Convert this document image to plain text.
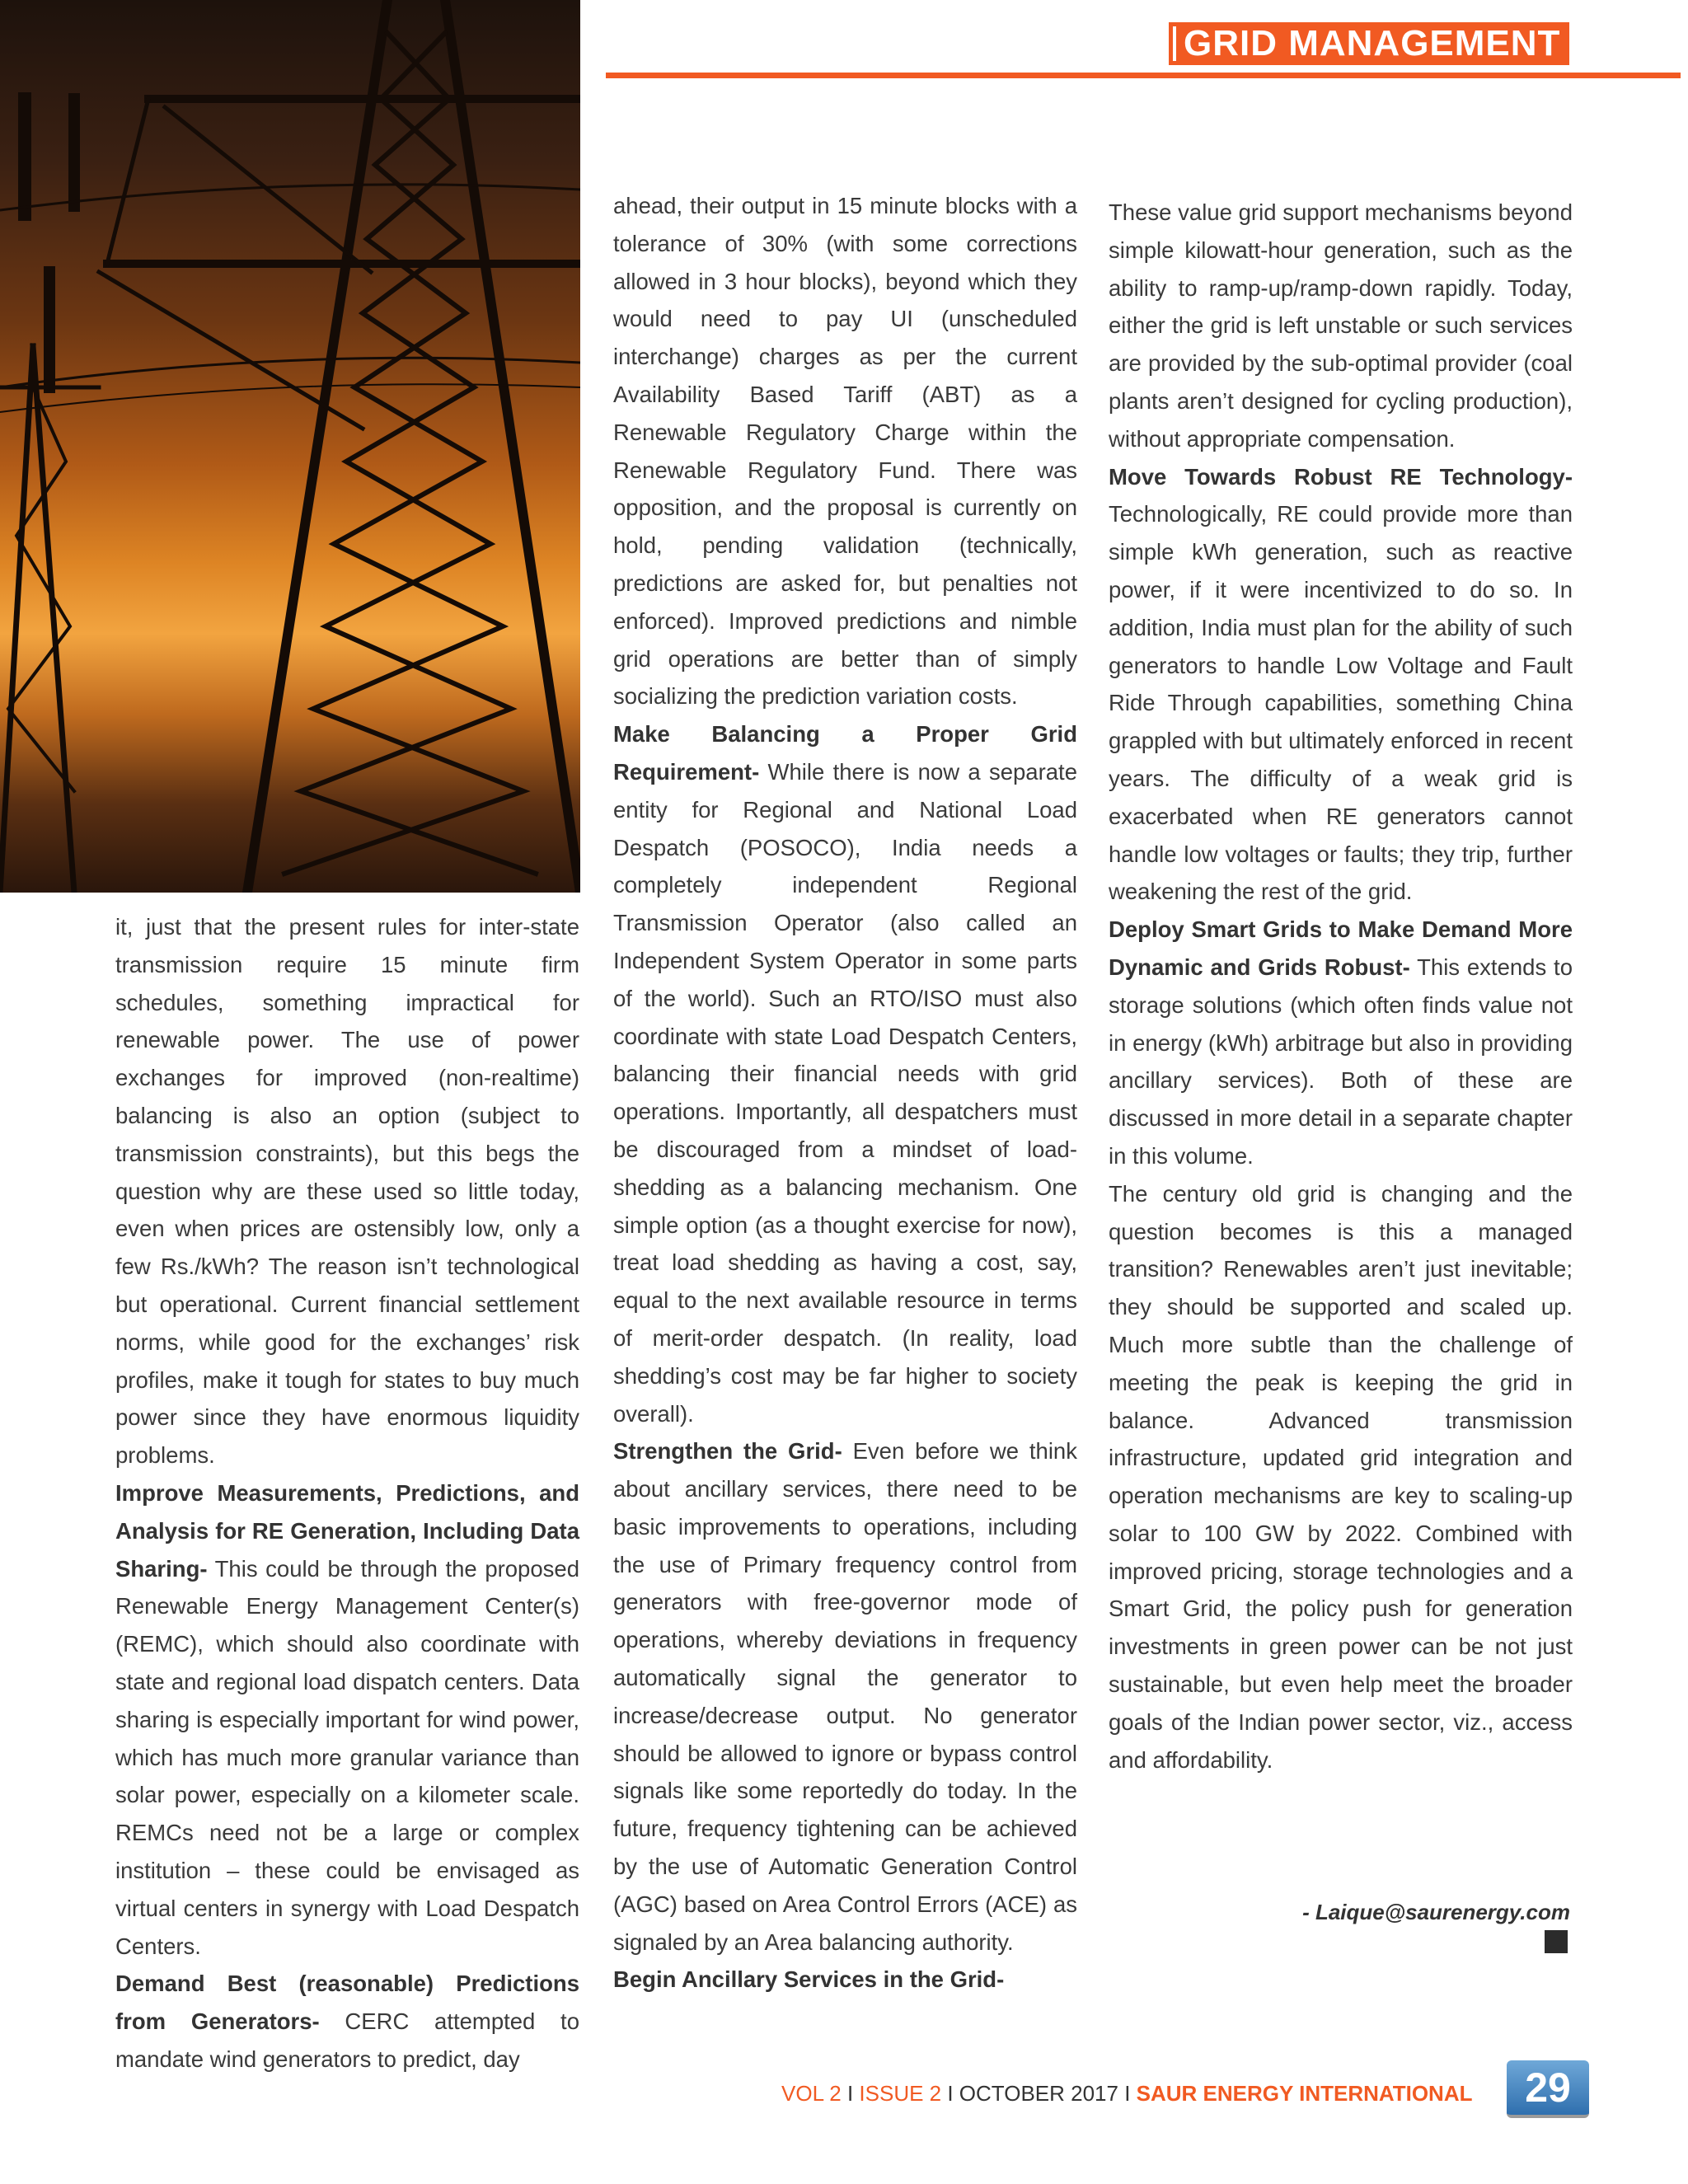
GRID MANAGEMENT

it, just that the present rules for inter-state transmission require 15 minute firm schedules, something impractical for renewable power. The use of power exchanges for improved (non-realtime) balancing is also an option (subject to transmission constraints), but this begs the question why are these used so little today, even when prices are ostensibly low, only a few Rs./kWh? The reason isn’t technological but operational. Current financial settlement norms, while good for the exchanges’ risk profiles, make it tough for states to buy much power since they have enormous liquidity problems.

Improve Measurements, Predictions, and Analysis for RE Generation, Including Data Sharing- This could be through the proposed Renewable Energy Management Center(s) (REMC), which should also coordinate with state and regional load dispatch centers. Data sharing is especially important for wind power, which has much more granular variance than solar power, especially on a kilometer scale. REMCs need not be a large or complex institution – these could be envisaged as virtual centers in synergy with Load Despatch Centers.

Demand Best (reasonable) Predictions from Generators- CERC attempted to mandate wind generators to predict, day

ahead, their output in 15 minute blocks with a tolerance of 30% (with some corrections allowed in 3 hour blocks), beyond which they would need to pay UI (unscheduled interchange) charges as per the current Availability Based Tariff (ABT) as a Renewable Regulatory Charge within the Renewable Regulatory Fund. There was opposition, and the proposal is currently on hold, pending validation (technically, predictions are asked for, but penalties not enforced). Improved predictions and nimble grid operations are better than of simply socializing the prediction variation costs.

Make Balancing a Proper Grid Requirement- While there is now a separate entity for Regional and National Load Despatch (POSOCO), India needs a completely independent Regional Transmission Operator (also called an Independent System Operator in some parts of the world). Such an RTO/ISO must also coordinate with state Load Despatch Centers, balancing their financial needs with grid operations. Importantly, all despatchers must be discouraged from a mindset of load-shedding as a balancing mechanism. One simple option (as a thought exercise for now), treat load shedding as having a cost, say, equal to the next available resource in terms of merit-order despatch. (In reality, load shedding’s cost may be far higher to society overall).

Strengthen the Grid- Even before we think about ancillary services, there need to be basic improvements to operations, including the use of Primary frequency control from generators with free-governor mode of operations, whereby deviations in frequency automatically signal the generator to increase/decrease output. No generator should be allowed to ignore or bypass control signals like some reportedly do today. In the future, frequency tightening can be achieved by the use of Automatic Generation Control (AGC) based on Area Control Errors (ACE) as signaled by an Area balancing authority.

Begin Ancillary Services in the Grid-

These value grid support mechanisms beyond simple kilowatt-hour generation, such as the ability to ramp-up/ramp-down rapidly. Today, either the grid is left unstable or such services are provided by the sub-optimal provider (coal plants aren’t designed for cycling production), without appropriate compensation.

Move Towards Robust RE Technology- Technologically, RE could provide more than simple kWh generation, such as reactive power, if it were incentivized to do so. In addition, India must plan for the ability of such generators to handle Low Voltage and Fault Ride Through capabilities, something China grappled with but ultimately enforced in recent years. The difficulty of a weak grid is exacerbated when RE generators cannot handle low voltages or faults; they trip, further weakening the rest of the grid.

Deploy Smart Grids to Make Demand More Dynamic and Grids Robust- This extends to storage solutions (which often finds value not in energy (kWh) arbitrage but also in providing ancillary services). Both of these are discussed in more detail in a separate chapter in this volume.

The century old grid is changing and the question becomes is this a managed transition? Renewables aren’t just inevitable; they should be supported and scaled up. Much more subtle than the challenge of meeting the peak is keeping the grid in balance. Advanced transmission infrastructure, updated grid integration and operation mechanisms are key to scaling-up solar to 100 GW by 2022. Combined with improved pricing, storage technologies and a Smart Grid, the policy push for generation investments in green power can be not just sustainable, but even help meet the broader goals of the Indian power sector, viz., access and affordability.

- Laique@saurenergy.com
VOL 2 I ISSUE 2 I OCTOBER 2017 I SAUR ENERGY INTERNATIONAL	29
